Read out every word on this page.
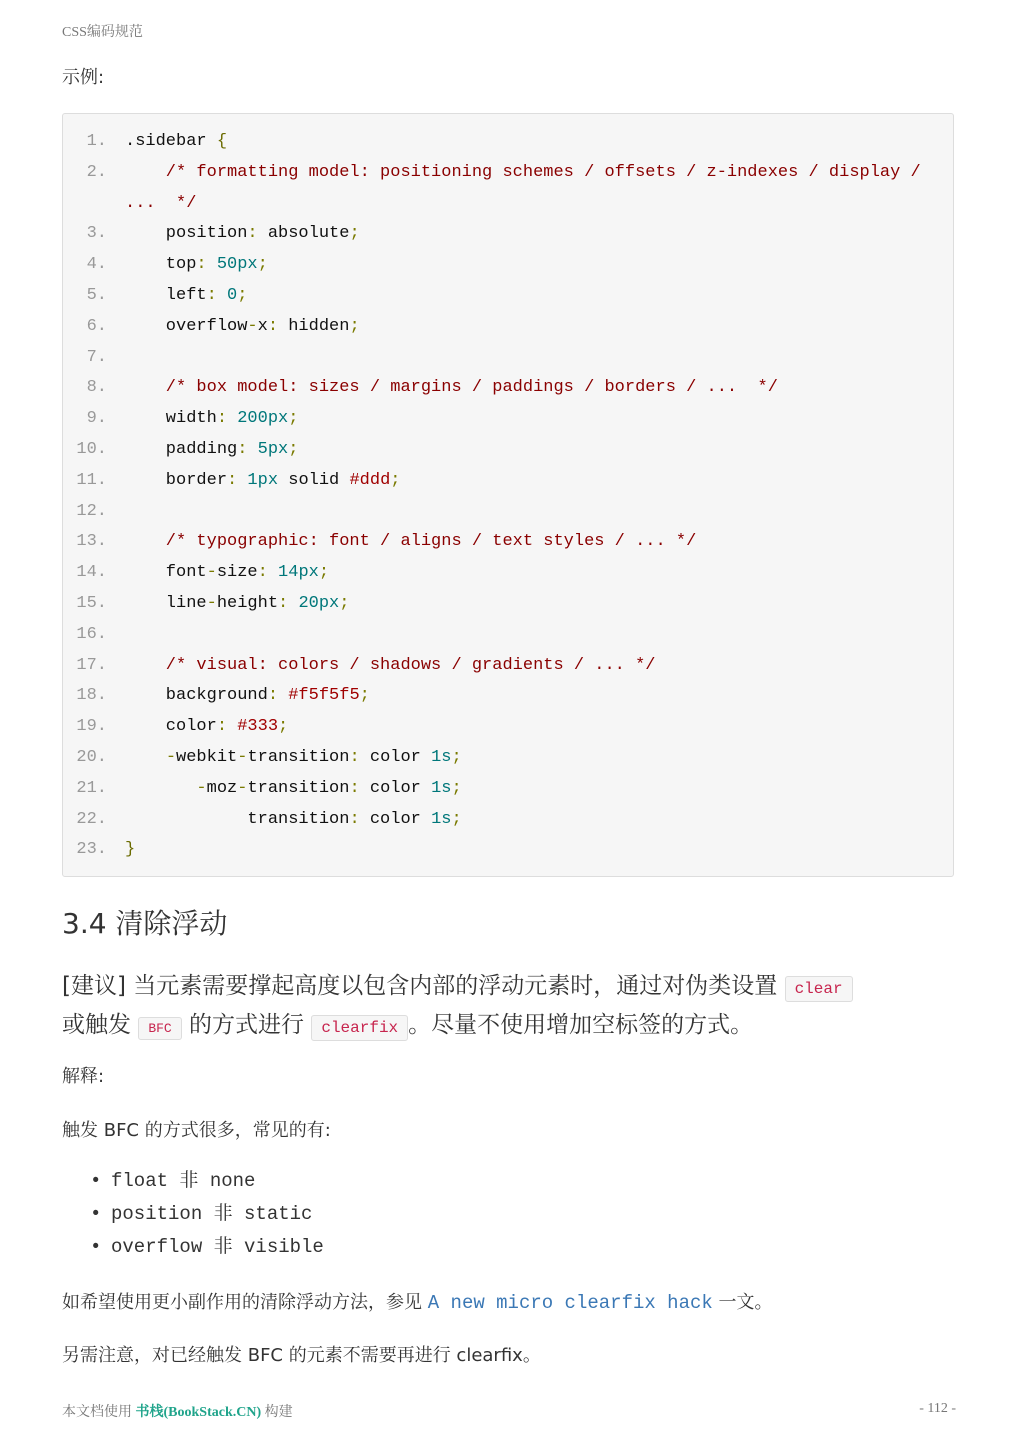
CSS编码规范
示例:
1. .sidebar {
2. /* formatting model: positioning schemes / offsets / z-indexes / display /
...  */
3. position: absolute;
4. top: 50px;
5. left: 0;
6. overflow-x: hidden;
7.
8. /* box model: sizes / margins / paddings / borders / ...  */
9. width: 200px;
10. padding: 5px;
11. border: 1px solid #ddd;
12.
13. /* typographic: font / aligns / text styles / ... */
14. font-size: 14px;
15. line-height: 20px;
16.
17. /* visual: colors / shadows / gradients / ... */
18. background: #f5f5f5;
19. color: #333;
20.	-webkit-transition: color 1s;
21.	-moz-transition: color 1s;
22. transition: color 1s;
23. }
3.4 清除浮动
[建议] 当元素需要撑起高度以包含内部的浮动元素时，通过对伪类设置 clear
或触发 BFC 的方式进行 clearfix 。尽量不使用增加空标签的方式。
解释:
触发 BFC 的方式很多，常见的有:
• float 非 none
• position 非 static
• overflow 非 visible
如希望使用更小副作用的清除浮动方法，参见 A new micro clearfix hack 一文。
另需注意，对已经触发 BFC 的元素不需要再进行 clearfix。
本文档使用 书栈(BookStack.CN) 构建	- 112 -
